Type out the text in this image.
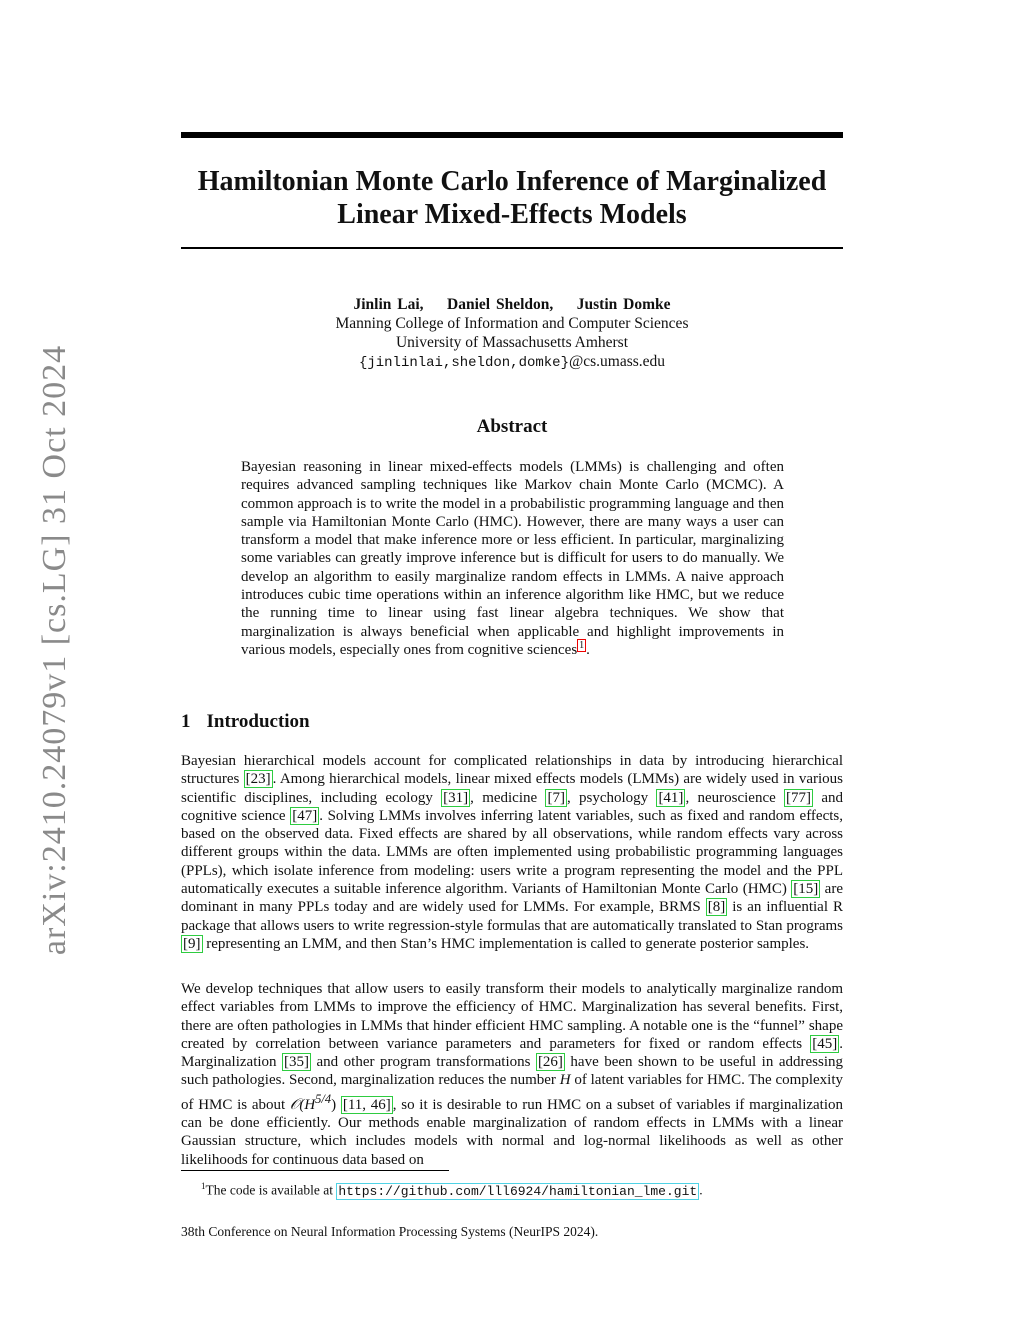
arXiv:2410.24079v1 [cs.LG] 31 Oct 2024
Hamiltonian Monte Carlo Inference of Marginalized
Linear Mixed-Effects Models
Jinlin Lai,    Daniel Sheldon,    Justin Domke
Manning College of Information and Computer Sciences
University of Massachusetts Amherst
{jinlinlai,sheldon,domke}@cs.umass.edu
Abstract
Bayesian reasoning in linear mixed-effects models (LMMs) is challenging and often requires advanced sampling techniques like Markov chain Monte Carlo (MCMC). A common approach is to write the model in a probabilistic programming language and then sample via Hamiltonian Monte Carlo (HMC). However, there are many ways a user can transform a model that make inference more or less efficient. In particular, marginalizing some variables can greatly improve inference but is difficult for users to do manually. We develop an algorithm to easily marginalize random effects in LMMs. A naive approach introduces cubic time operations within an inference algorithm like HMC, but we reduce the running time to linear using fast linear algebra techniques. We show that marginalization is always beneficial when applicable and highlight improvements in various models, especially ones from cognitive sciences $^1$ .
1 Introduction
Bayesian hierarchical models account for complicated relationships in data by introducing hierarchical structures [23] . Among hierarchical models, linear mixed effects models (LMMs) are widely used in various scientific disciplines, including ecology [31] , medicine [7] , psychology [41] , neuroscience [77] and cognitive science [47] . Solving LMMs involves inferring latent variables, such as fixed and random effects, based on the observed data. Fixed effects are shared by all observations, while random effects vary across different groups within the data. LMMs are often implemented using probabilistic programming languages (PPLs), which isolate inference from modeling: users write a program representing the model and the PPL automatically executes a suitable inference algorithm. Variants of Hamiltonian Monte Carlo (HMC) [15] are dominant in many PPLs today and are widely used for LMMs. For example, BRMS [8] is an influential R package that allows users to write regression-style formulas that are automatically translated to Stan programs [9] representing an LMM, and then Stan’s HMC implementation is called to generate posterior samples.
We develop techniques that allow users to easily transform their models to analytically marginalize random effect variables from LMMs to improve the efficiency of HMC. Marginalization has several benefits. First, there are often pathologies in LMMs that hinder efficient HMC sampling. A notable one is the “funnel” shape created by correlation between variance parameters and parameters for fixed or random effects [45] . Marginalization [35] and other program transformations [26] have been shown to be useful in addressing such pathologies. Second, marginalization reduces the number H of latent variables for HMC. The complexity of HMC is about $𝒪(H^{5/4})$ [11, 46] , so it is desirable to run HMC on a subset of variables if marginalization can be done efficiently. Our methods enable marginalization of random effects in LMMs with a linear Gaussian structure, which includes models with normal and log-normal likelihoods as well as other likelihoods for continuous data based on
$^1$The code is available at https://github.com/lll6924/hamiltonian_lme.git .
38th Conference on Neural Information Processing Systems (NeurIPS 2024).
